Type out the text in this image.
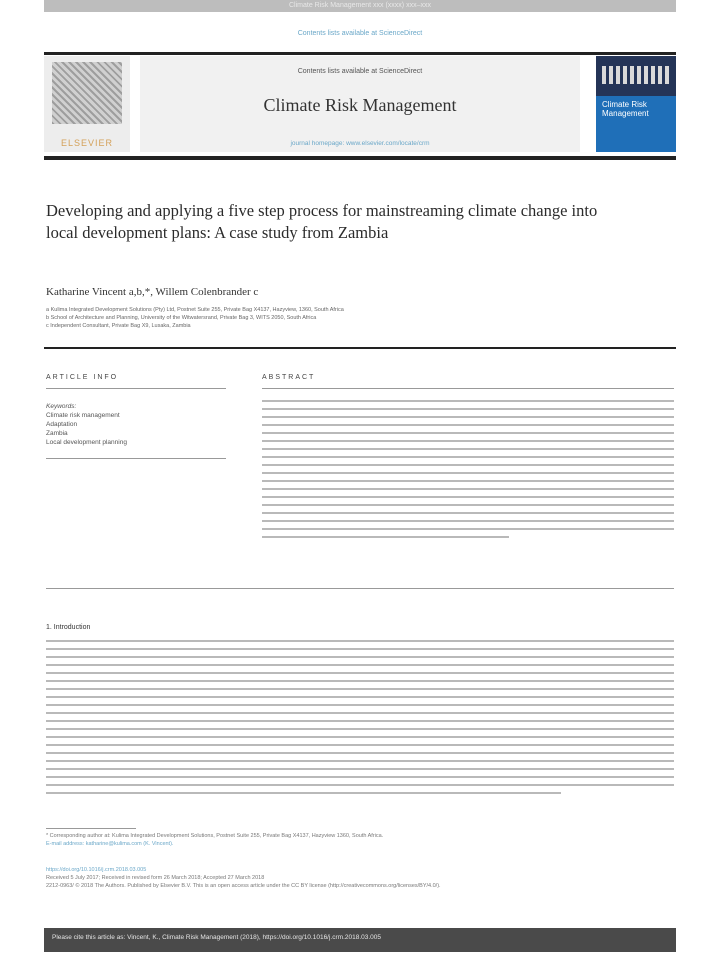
Climate Risk Management xxx (xxxx) xxx–xxx
Contents lists available at ScienceDirect
ELSEVIER
Contents lists available at ScienceDirect
Climate Risk Management
journal homepage: www.elsevier.com/locate/crm
Climate Risk Management
Developing and applying a five step process for mainstreaming climate change into local development plans: A case study from Zambia
Katharine Vincent a,b,*, Willem Colenbrander c
a Kulima Integrated Development Solutions (Pty) Ltd, Postnet Suite 255, Private Bag X4137, Hazyview, 1360, South Africa
b School of Architecture and Planning, University of the Witwatersrand, Private Bag 3, WITS 2050, South Africa
c Independent Consultant, Private Bag X9, Lusaka, Zambia
ARTICLE INFO
Keywords:
Climate risk management
Adaptation
Zambia
Local development planning
ABSTRACT
1. Introduction
* Corresponding author at: Kulima Integrated Development Solutions, Postnet Suite 255, Private Bag X4137, Hazyview 1360, South Africa.
E-mail address: katharine@kulima.com (K. Vincent).
https://doi.org/10.1016/j.crm.2018.03.005
Received 5 July 2017; Received in revised form 26 March 2018; Accepted 27 March 2018
2212-0963/ © 2018 The Authors. Published by Elsevier B.V. This is an open access article under the CC BY license (http://creativecommons.org/licenses/BY/4.0/).
Please cite this article as: Vincent, K., Climate Risk Management (2018), https://doi.org/10.1016/j.crm.2018.03.005
